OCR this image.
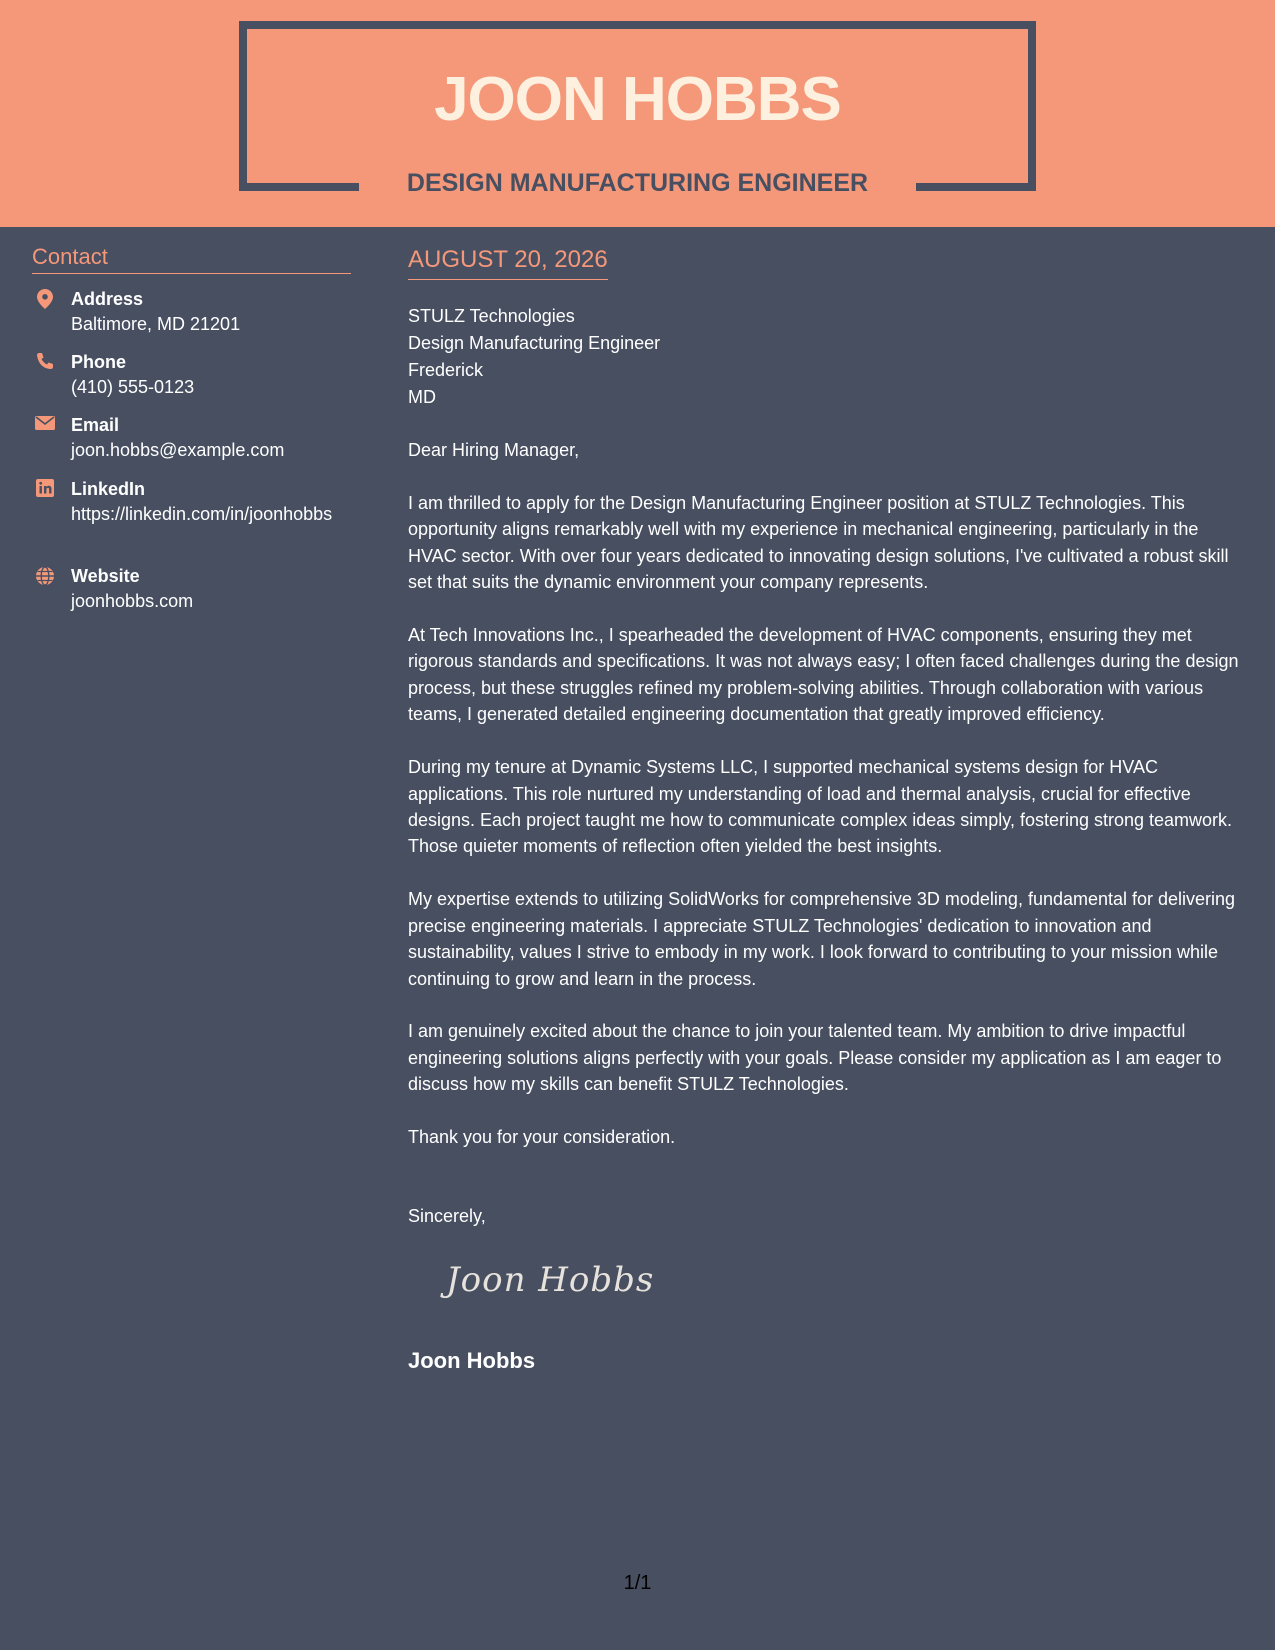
JOON HOBBS
DESIGN MANUFACTURING ENGINEER
Contact
Address
Baltimore, MD 21201
Phone
(410) 555-0123
Email
joon.hobbs@example.com
LinkedIn
https://linkedin.com/in/joonhobbs
Website
joonhobbs.com
AUGUST 20, 2026
STULZ Technologies
Design Manufacturing Engineer
Frederick
MD

Dear Hiring Manager,

I am thrilled to apply for the Design Manufacturing Engineer position at STULZ Technologies. This opportunity aligns remarkably well with my experience in mechanical engineering, particularly in the HVAC sector. With over four years dedicated to innovating design solutions, I've cultivated a robust skill set that suits the dynamic environment your company represents.

At Tech Innovations Inc., I spearheaded the development of HVAC components, ensuring they met rigorous standards and specifications. It was not always easy; I often faced challenges during the design process, but these struggles refined my problem-solving abilities. Through collaboration with various teams, I generated detailed engineering documentation that greatly improved efficiency.

During my tenure at Dynamic Systems LLC, I supported mechanical systems design for HVAC applications. This role nurtured my understanding of load and thermal analysis, crucial for effective designs. Each project taught me how to communicate complex ideas simply, fostering strong teamwork. Those quieter moments of reflection often yielded the best insights.

My expertise extends to utilizing SolidWorks for comprehensive 3D modeling, fundamental for delivering precise engineering materials. I appreciate STULZ Technologies' dedication to innovation and sustainability, values I strive to embody in my work. I look forward to contributing to your mission while continuing to grow and learn in the process.

I am genuinely excited about the chance to join your talented team. My ambition to drive impactful engineering solutions aligns perfectly with your goals. Please consider my application as I am eager to discuss how my skills can benefit STULZ Technologies.

Thank you for your consideration.

Sincerely,

Joon Hobbs
Joon Hobbs
1/1
